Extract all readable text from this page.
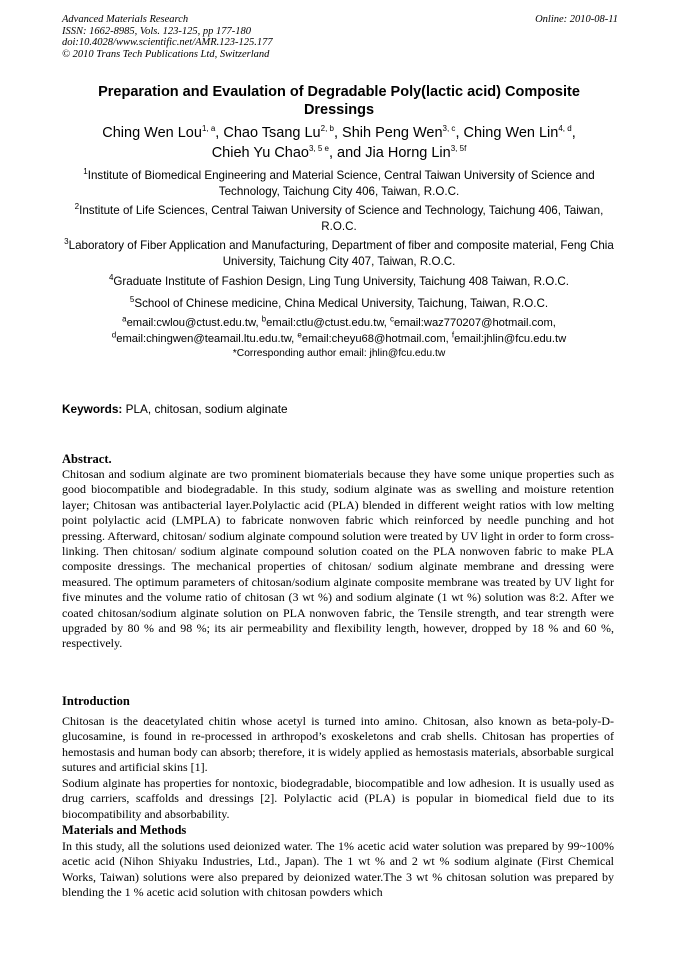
Advanced Materials Research
ISSN: 1662-8985, Vols. 123-125, pp 177-180
doi:10.4028/www.scientific.net/AMR.123-125.177
© 2010 Trans Tech Publications Ltd, Switzerland
Online: 2010-08-11
Preparation and Evaulation of Degradable Poly(lactic acid) Composite Dressings
Ching Wen Lou$^{1, a}$, Chao Tsang Lu$^{2, b}$, Shih Peng Wen$^{3, c}$, Ching Wen Lin$^{4, d}$,
Chieh Yu Chao$^{3, 5 e}$, and Jia Horng Lin$^{3, 5f}$
$^1$Institute of Biomedical Engineering and Material Science, Central Taiwan University of Science and Technology, Taichung City 406, Taiwan, R.O.C.
$^2$Institute of Life Sciences, Central Taiwan University of Science and Technology, Taichung 406, Taiwan, R.O.C.
$^3$Laboratory of Fiber Application and Manufacturing, Department of fiber and composite material, Feng Chia University, Taichung City 407, Taiwan, R.O.C.
$^4$Graduate Institute of Fashion Design, Ling Tung University, Taichung 408 Taiwan, R.O.C.
$^5$School of Chinese medicine, China Medical University, Taichung, Taiwan, R.O.C.
$^a$email:cwlou@ctust.edu.tw, $^b$email:ctlu@ctust.edu.tw, $^c$email:waz770207@hotmail.com,
$^d$email:chingwen@teamail.ltu.edu.tw, $^e$email:cheyu68@hotmail.com, $^f$email:jhlin@fcu.edu.tw
*Corresponding author email: jhlin@fcu.edu.tw
Keywords: PLA, chitosan, sodium alginate
Abstract.
Chitosan and sodium alginate are two prominent biomaterials because they have some unique properties such as good biocompatible and biodegradable. In this study, sodium alginate was as swelling and moisture retention layer; Chitosan was antibacterial layer.Polylactic acid (PLA) blended in different weight ratios with low melting point polylactic acid (LMPLA) to fabricate nonwoven fabric which reinforced by needle punching and hot pressing. Afterward, chitosan/ sodium alginate compound solution were treated by UV light in order to form cross-linking. Then chitosan/ sodium alginate compound solution coated on the PLA nonwoven fabric to make PLA composite dressings. The mechanical properties of chitosan/ sodium alginate membrane and dressing were measured. The optimum parameters of chitosan/sodium alginate composite membrane was treated by UV light for five minutes and the volume ratio of chitosan (3 wt %) and sodium alginate (1 wt %) solution was 8:2. After we coated chitosan/sodium alginate solution on PLA nonwoven fabric, the Tensile strength, and tear strength were upgraded by 80 % and 98 %; its air permeability and flexibility length, however, dropped by 18 % and 60 %, respectively.
Introduction
Chitosan is the deacetylated chitin whose acetyl is turned into amino. Chitosan, also known as beta-poly-D-glucosamine, is found in re-processed in arthropod’s exoskeletons and crab shells. Chitosan has properties of hemostasis and human body can absorb; therefore, it is widely applied as hemostasis materials, absorbable surgical sutures and artificial skins [1].
Sodium alginate has properties for nontoxic, biodegradable, biocompatible and low adhesion. It is usually used as drug carriers, scaffolds and dressings [2]. Polylactic acid (PLA) is popular in biomedical field due to its biocompatibility and absorbability.
Materials and Methods
In this study, all the solutions used deionized water. The 1% acetic acid water solution was prepared by 99~100% acetic acid (Nihon Shiyaku Industries, Ltd., Japan). The 1 wt % and 2 wt % sodium alginate (First Chemical Works, Taiwan) solutions were also prepared by deionized water.The 3 wt % chitosan solution was prepared by blending the 1 % acetic acid solution with chitosan powders which
